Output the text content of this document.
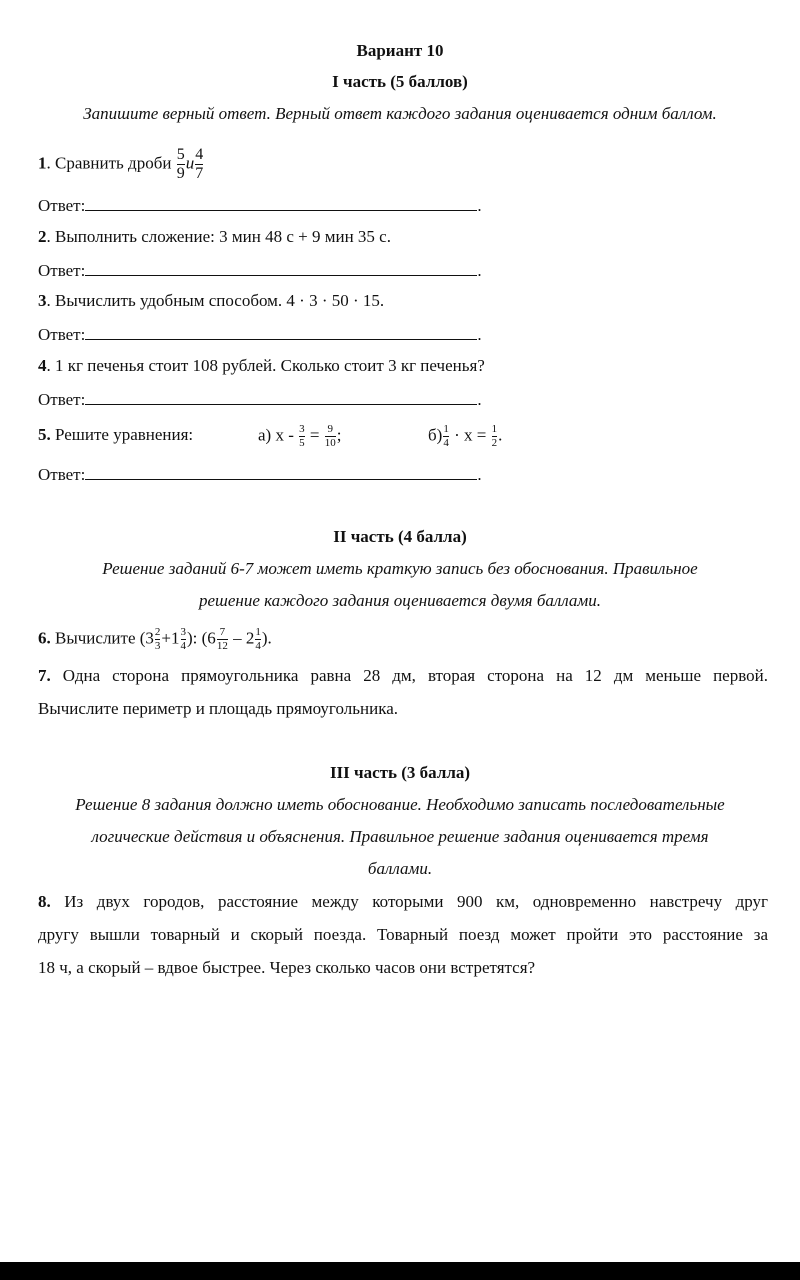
Вариант 10
I часть (5 баллов)
Запишите верный ответ. Верный ответ каждого задания оценивается одним баллом.
1. Сравнить дроби $\frac{5}{9}$ и $\frac{4}{7}$
Ответ:	.
2. Выполнить сложение: 3 мин 48 с + 9 мин 35 с.
Ответ:	.
3. Вычислить удобным способом. 4 · 3 · 50 · 15.
Ответ:	.
4. 1 кг печенья стоит 108 рублей. Сколько стоит 3 кг печенья?
Ответ:	.
5. Решите уравнения:	а) $х - \frac{3}{5} = \frac{9}{10}$ ;	$б) \frac{1}{4} \cdot х = \frac{1}{2}$ .
Ответ:	.
II часть (4 балла)
Решение заданий 6-7 может иметь краткую запись без обоснования. Правильное
решение каждого задания оценивается двумя баллами.
6. Вычислите ($3 \frac{2}{3} +1 \frac{3}{4}$ ): ($6 \frac{7}{12} - 2 \frac{1}{4}$ ).
7. Одна сторона прямоугольника равна 28 дм, вторая сторона на 12 дм меньше первой.
Вычислите периметр и площадь прямоугольника.
III часть (3 балла)
Решение 8 задания должно иметь обоснование. Необходимо записать последовательные
логические действия и объяснения. Правильное решение задания оценивается тремя
баллами.
8. Из двух городов, расстояние между которыми 900 км, одновременно навстречу друг
другу вышли товарный и скорый поезда. Товарный поезд может пройти это расстояние за
18 ч, а скорый – вдвое быстрее. Через сколько часов они встретятся?
